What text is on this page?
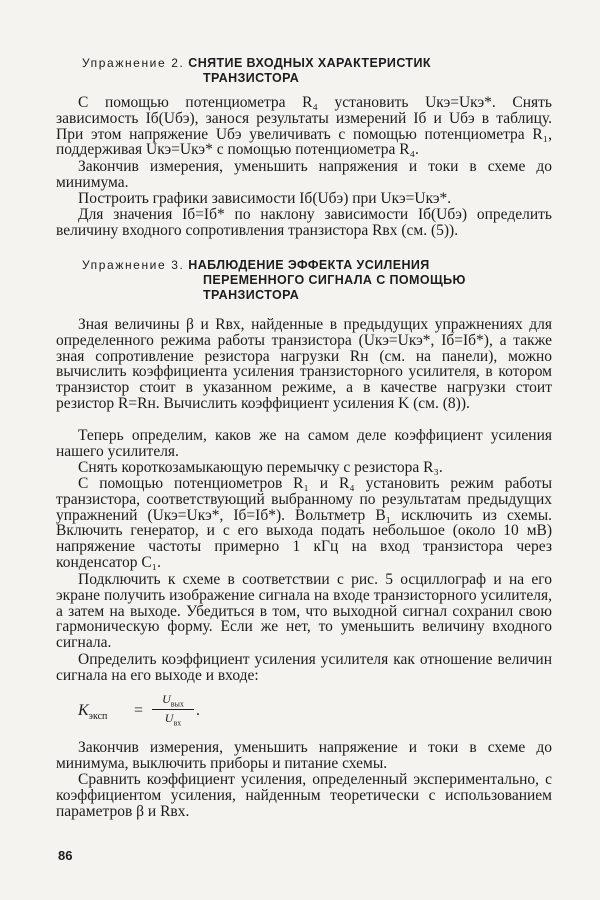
Упражнение 2. СНЯТИЕ ВХОДНЫХ ХАРАКТЕРИСТИК
ТРАНЗИСТОРА

С помощью потенциометра R₄ установить Uкэ=Uкэ*. Снять зависимость Iб(Uбэ), занося результаты измерений Iб и Uбэ в таблицу. При этом напряжение Uбэ увеличивать с помощью потенциометра R₁, поддерживая Uкэ=Uкэ* с помощью потенциометра R₄.

Закончив измерения, уменьшить напряжения и токи в схеме до минимума.

Построить графики зависимости Iб(Uбэ) при Uкэ=Uкэ*.

Для значения Iб=Iб* по наклону зависимости Iб(Uбэ) определить величину входного сопротивления транзистора Rвх (см. (5)).

Упражнение 3. НАБЛЮДЕНИЕ ЭФФЕКТА УСИЛЕНИЯ
ПЕРЕМЕННОГО СИГНАЛА С ПОМОЩЬЮ
ТРАНЗИСТОРА

Зная величины β и Rвх, найденные в предыдущих упражнениях для определенного режима работы транзистора (Uкэ=Uкэ*, Iб=Iб*), а также зная сопротивление резистора нагрузки Rн (см. на панели), можно вычислить коэффициента усиления транзисторного усилителя, в котором транзистор стоит в указанном режиме, а в качестве нагрузки стоит резистор R=Rн. Вычислить коэффициент усиления K (см. (8)).

Теперь определим, каков же на самом деле коэффициент усиления нашего усилителя.

Снять короткозамыкающую перемычку с резистора R₃.

С помощью потенциометров R₁ и R₄ установить режим работы транзистора, соответствующий выбранному по результатам предыдущих упражнений (Uкэ=Uкэ*, Iб=Iб*). Вольтметр B₁ исключить из схемы. Включить генератор, и с его выхода подать небольшое (около 10 мВ) напряжение частоты примерно 1 кГц на вход транзистора через конденсатор C₁.

Подключить к схеме в соответствии с рис. 5 осциллограф и на его экране получить изображение сигнала на входе транзисторного усилителя, а затем на выходе. Убедиться в том, что выходной сигнал сохранил свою гармоническую форму. Если же нет, то уменьшить величину входного сигнала.

Определить коэффициент усиления усилителя как отношение величин сигнала на его выходе и входе:

$K_{эксп}$ =
$U_{вых}$
$U_{вх}$
.

Закончив измерения, уменьшить напряжение и токи в схеме до минимума, выключить приборы и питание схемы.

Сравнить коэффициент усиления, определенный экспериментально, с коэффициентом усиления, найденным теоретически с использованием параметров β и Rвх.

86
